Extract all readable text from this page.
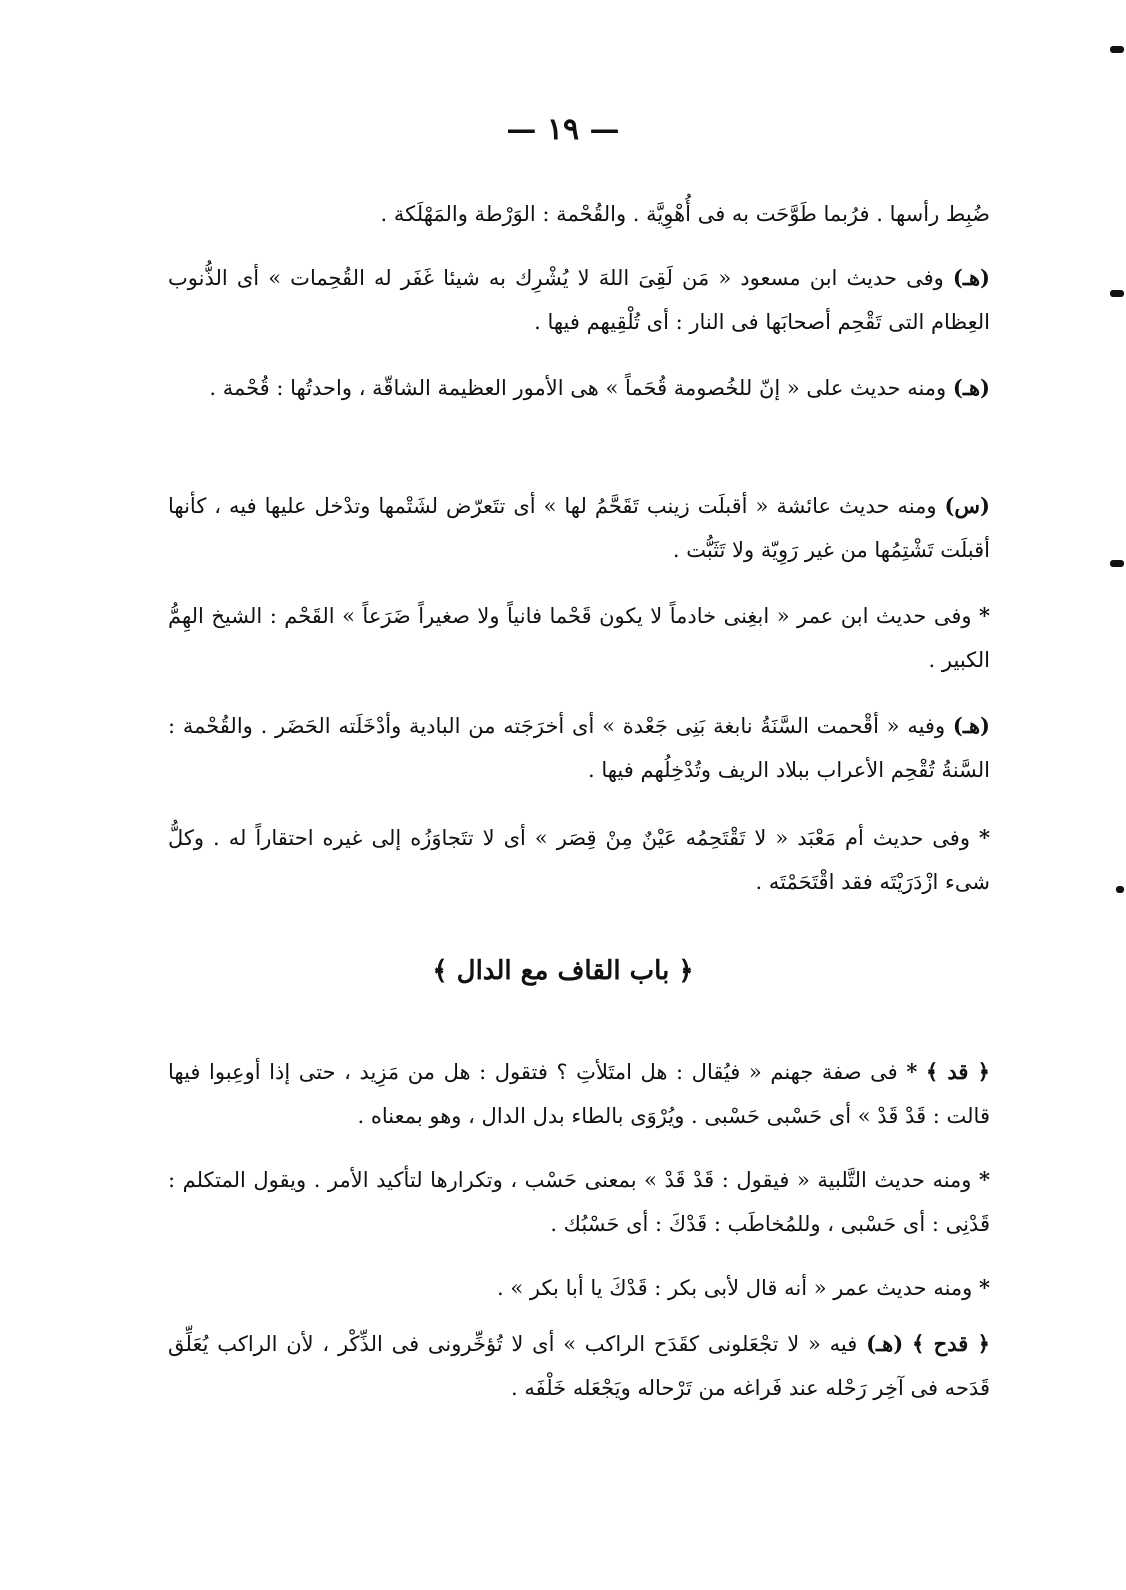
— ١٩ —

ضُبِط رأسها . فرُبما طَوَّحَت به فى أُهْوِيَّة . والقُحْمة : الوَرْطة والمَهْلَكة .

(هـ) وفى حديث ابن مسعود « مَن لَقِىَ اللهَ لا يُشْرِك به شيئا غَفَر له القُحِمات » أى الذُّنوب العِظام التى تَقْحِم أصحابَها فى النار : أى تُلْقِيهم فيها .

(هـ) ومنه حديث على « إنّ للخُصومة قُحَماً » هى الأمور العظيمة الشاقّة ، واحدتُها : قُحْمة .

(س) ومنه حديث عائشة « أقبلَت زينب تَقَحَّمُ لها » أى تتَعرّض لشَتْمها وتدْخل عليها فيه ، كأنها أقبلَت تَشْتِمُها من غير رَوِيّة ولا تَثَبُّت .

* وفى حديث ابن عمر « ابغِنى خادماً لا يكون قَحْما فانياً ولا صغيراً ضَرَعاً » القَحْم : الشيخ الهِمُّ الكبير .

(هـ) وفيه « أقْحمت السَّنَةُ نابغة بَنِى جَعْدة » أى أخرَجَته من البادية وأدْخَلَته الحَضَر . والقُحْمة : السَّنةُ تُقْحِم الأعراب ببلاد الريف وتُدْخِلُهم فيها .

* وفى حديث أم مَعْبَد « لا تَقْتَحِمُه عَيْنٌ مِنْ قِصَر » أى لا تتَجاوَزُه إلى غيره احتقاراً له . وكلُّ شىء ازْدَرَيْتَه فقد اقْتَحَمْتَه .

﴿ باب القاف مع الدال ﴾

﴿ قد ﴾ * فى صفة جهنم « فيُقال : هل امتَلأتِ ؟ فتقول : هل من مَزِيد ، حتى إذا أوعِبوا فيها قالت : قَدْ قَدْ » أى حَسْبى حَسْبى . ويُرْوَى بالطاء بدل الدال ، وهو بمعناه .

* ومنه حديث التَّلبية « فيقول : قَدْ قَدْ » بمعنى حَسْب ، وتكرارها لتأكيد الأمر . ويقول المتكلم : قَدْنِى : أى حَسْبى ، وللمُخاطَب : قَدْكَ : أى حَسْبُك .

* ومنه حديث عمر « أنه قال لأبى بكر : قَدْكَ يا أبا بكر » .

﴿ قدح ﴾ (هـ) فيه « لا تجْعَلونى كقَدَح الراكب » أى لا تُؤخِّرونى فى الذِّكْر ، لأن الراكب يُعَلِّق قَدَحه فى آخِر رَحْله عند فَراغه من تَرْحاله ويَجْعَله خَلْفَه .
